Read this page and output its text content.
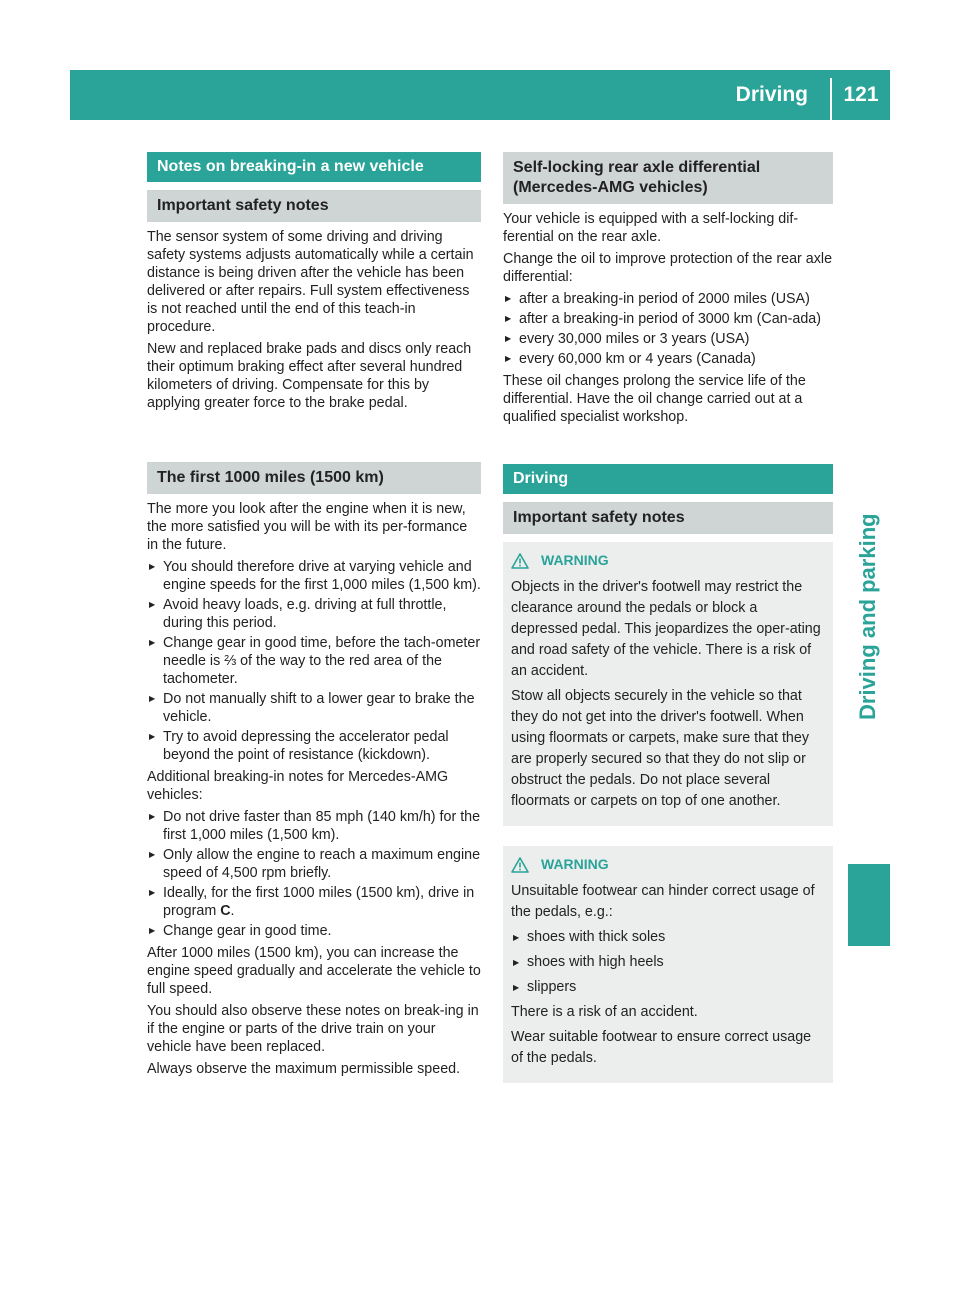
Driving	121
Driving and parking
Notes on breaking-in a new vehicle
Important safety notes

The sensor system of some driving and driving safety systems adjusts automatically while a certain distance is being driven after the vehicle has been delivered or after repairs. Full system effectiveness is not reached until the end of this teach-in procedure.

New and replaced brake pads and discs only reach their optimum braking effect after several hundred kilometers of driving. Compensate for this by applying greater force to the brake pedal.

The first 1000 miles (1500 km)

The more you look after the engine when it is new, the more satisfied you will be with its per-formance in the future.

▶ You should therefore drive at varying vehicle and engine speeds for the first 1,000 miles (1,500 km).
▶ Avoid heavy loads, e.g. driving at full throttle, during this period.
▶ Change gear in good time, before the tach-ometer needle is ⅔ of the way to the red area of the tachometer.
▶ Do not manually shift to a lower gear to brake the vehicle.
▶ Try to avoid depressing the accelerator pedal beyond the point of resistance (kickdown).

Additional breaking-in notes for Mercedes-AMG vehicles:

▶ Do not drive faster than 85 mph (140 km/h) for the first 1,000 miles (1,500 km).
▶ Only allow the engine to reach a maximum engine speed of 4,500 rpm briefly.
▶ Ideally, for the first 1000 miles (1500 km), drive in program C.
▶ Change gear in good time.

After 1000 miles (1500 km), you can increase the engine speed gradually and accelerate the vehicle to full speed.

You should also observe these notes on break-ing in if the engine or parts of the drive train on your vehicle have been replaced.

Always observe the maximum permissible speed.

Self-locking rear axle differential (Mercedes-AMG vehicles)

Your vehicle is equipped with a self-locking dif-ferential on the rear axle.

Change the oil to improve protection of the rear axle differential:

▶ after a breaking-in period of 2000 miles (USA)
▶ after a breaking-in period of 3000 km (Can-ada)
▶ every 30,000 miles or 3 years (USA)
▶ every 60,000 km or 4 years (Canada)

These oil changes prolong the service life of the differential. Have the oil change carried out at a qualified specialist workshop.

Driving
Important safety notes
WARNING

Objects in the driver's footwell may restrict the clearance around the pedals or block a depressed pedal. This jeopardizes the oper-ating and road safety of the vehicle. There is a risk of an accident.

Stow all objects securely in the vehicle so that they do not get into the driver's footwell. When using floormats or carpets, make sure that they are properly secured so that they do not slip or obstruct the pedals. Do not place several floormats or carpets on top of one another.

WARNING

Unsuitable footwear can hinder correct usage of the pedals, e.g.:

▶ shoes with thick soles
▶ shoes with high heels
▶ slippers

There is a risk of an accident.

Wear suitable footwear to ensure correct usage of the pedals.
